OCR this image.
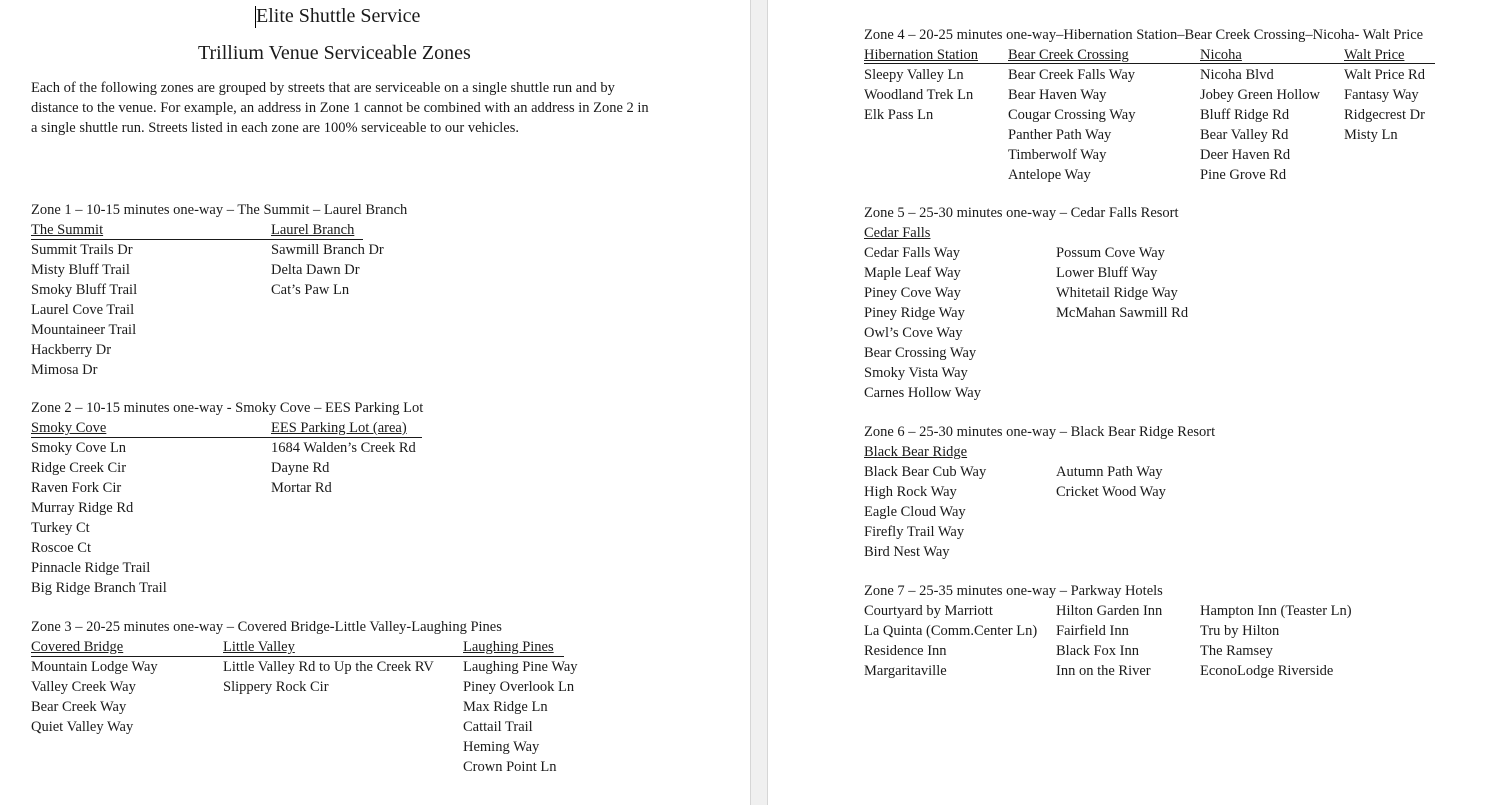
Elite Shuttle Service
Trillium Venue Serviceable Zones
Each of the following zones are grouped by streets that are serviceable on a single shuttle run and by distance to the venue. For example, an address in Zone 1 cannot be combined with an address in Zone 2 in a single shuttle run. Streets listed in each zone are 100% serviceable to our vehicles.
Zone 1 – 10-15 minutes one-way – The Summit – Laurel Branch
The Summit
Summit Trails Dr
Misty Bluff Trail
Smoky Bluff Trail
Laurel Cove Trail
Mountaineer Trail
Hackberry Dr
Mimosa Dr
Laurel Branch
Sawmill Branch Dr
Delta Dawn Dr
Cat’s Paw Ln
Zone 2 – 10-15 minutes one-way - Smoky Cove – EES Parking Lot
Smoky Cove
Smoky Cove Ln
Ridge Creek Cir
Raven Fork Cir
Murray Ridge Rd
Turkey Ct
Roscoe Ct
Pinnacle Ridge Trail
Big Ridge Branch Trail
EES Parking Lot (area)
1684 Walden’s Creek Rd
Dayne Rd
Mortar Rd
Zone 3 – 20-25 minutes one-way – Covered Bridge-Little Valley-Laughing Pines
Covered Bridge
Mountain Lodge Way
Valley Creek Way
Bear Creek Way
Quiet Valley Way
Little Valley
Little Valley Rd to Up the Creek RV
Slippery Rock Cir
Laughing Pines
Laughing Pine Way
Piney Overlook Ln
Max Ridge Ln
Cattail Trail
Heming Way
Crown Point Ln
Zone 4 – 20-25 minutes one-way–Hibernation Station–Bear Creek Crossing–Nicoha- Walt Price
Hibernation Station
Sleepy Valley Ln
Woodland Trek Ln
Elk Pass Ln
Bear Creek Crossing
Bear Creek Falls Way
Bear Haven Way
Cougar Crossing Way
Panther Path Way
Timberwolf Way
Antelope Way
Nicoha
Nicoha Blvd
Jobey Green Hollow
Bluff Ridge Rd
Bear Valley Rd
Deer Haven Rd
Pine Grove Rd
Walt Price
Walt Price Rd
Fantasy Way
Ridgecrest Dr
Misty Ln
Zone 5 – 25-30 minutes one-way – Cedar Falls Resort
Cedar Falls
Cedar Falls Way
Maple Leaf Way
Piney Cove Way
Piney Ridge Way
Owl’s Cove Way
Bear Crossing Way
Smoky Vista Way
Carnes Hollow Way
Possum Cove Way
Lower Bluff Way
Whitetail Ridge Way
McMahan Sawmill Rd
Zone 6 – 25-30 minutes one-way – Black Bear Ridge Resort
Black Bear Ridge
Black Bear Cub Way
High Rock Way
Eagle Cloud Way
Firefly Trail Way
Bird Nest Way
Autumn Path Way
Cricket Wood Way
Zone 7 – 25-35 minutes one-way – Parkway Hotels
Courtyard by Marriott
La Quinta (Comm.Center Ln)
Residence Inn
Margaritaville
Hilton Garden Inn
Fairfield Inn
Black Fox Inn
Inn on the River
Hampton Inn (Teaster Ln)
Tru by Hilton
The Ramsey
EconoLodge Riverside
